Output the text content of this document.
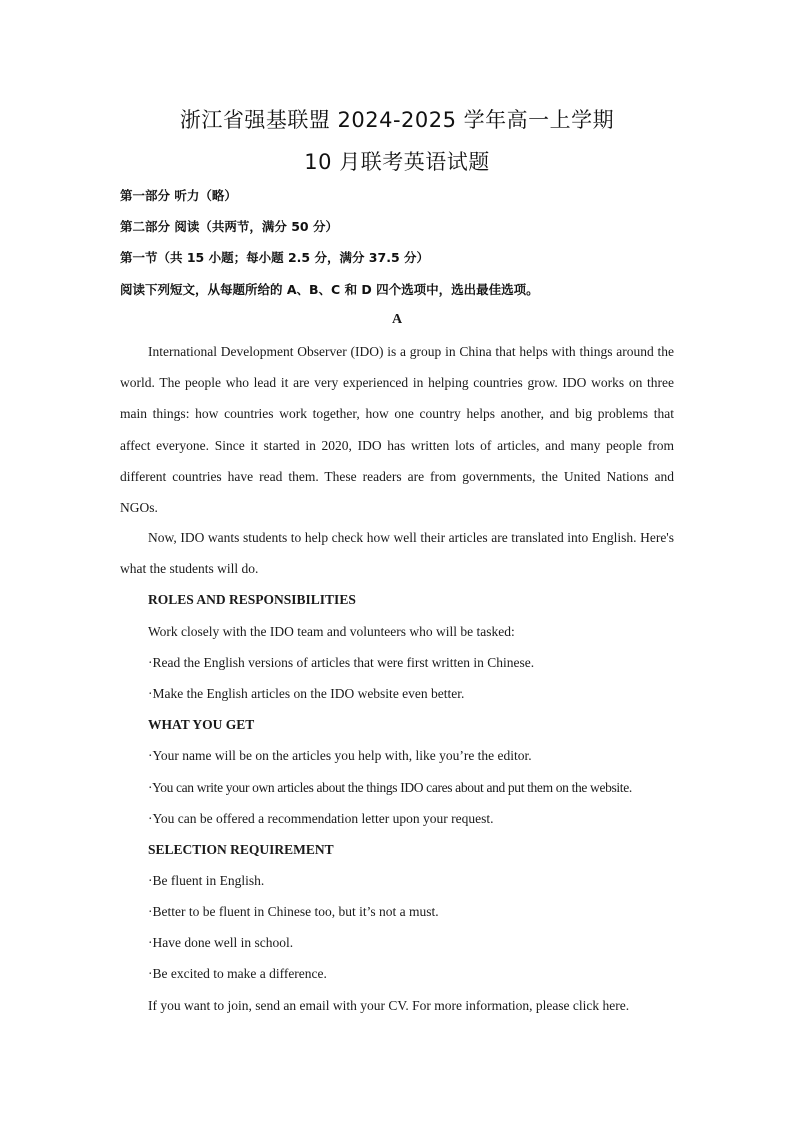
浙江省强基联盟 2024-2025 学年高一上学期
10 月联考英语试题
第一部分 听力（略）
第二部分 阅读（共两节，满分 50 分）
第一节（共 15 小题；每小题 2.5 分，满分 37.5 分）
阅读下列短文，从每题所给的 A、B、C 和 D 四个选项中，选出最佳选项。
A

International Development Observer (IDO) is a group in China that helps with things around the world. The people who lead it are very experienced in helping countries grow. IDO works on three main things: how countries work together, how one country helps another, and big problems that affect everyone. Since it started in 2020, IDO has written lots of articles, and many people from different countries have read them. These readers are from governments, the United Nations and NGOs.

Now, IDO wants students to help check how well their articles are translated into English. Here's what the students will do.

ROLES AND RESPONSIBILITIES
Work closely with the IDO team and volunteers who will be tasked:
·Read the English versions of articles that were first written in Chinese.
·Make the English articles on the IDO website even better.
WHAT YOU GET
·Your name will be on the articles you help with, like you’re the editor.
·You can write your own articles about the things IDO cares about and put them on the website.
·You can be offered a recommendation letter upon your request.
SELECTION REQUIREMENT
·Be fluent in English.
·Better to be fluent in Chinese too, but it’s not a must.
·Have done well in school.
·Be excited to make a difference.
If you want to join, send an email with your CV. For more information, please click here.
